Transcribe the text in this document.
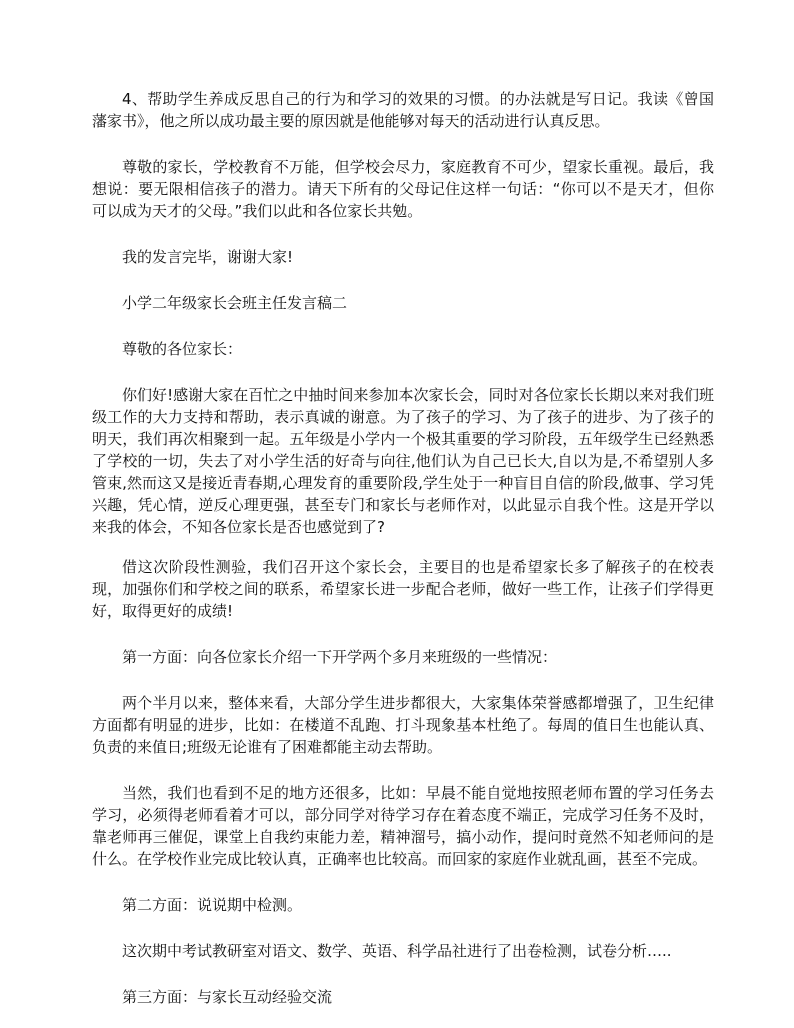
4、帮助学生养成反思自己的行为和学习的效果的习惯。的办法就是写日记。我读《曾国藩家书》，他之所以成功最主要的原因就是他能够对每天的活动进行认真反思。

尊敬的家长，学校教育不万能，但学校会尽力，家庭教育不可少，望家长重视。最后，我想说：要无限相信孩子的潜力。请天下所有的父母记住这样一句话：“你可以不是天才，但你可以成为天才的父母。”我们以此和各位家长共勉。

我的发言完毕，谢谢大家!

小学二年级家长会班主任发言稿二

尊敬的各位家长：

你们好!感谢大家在百忙之中抽时间来参加本次家长会，同时对各位家长长期以来对我们班级工作的大力支持和帮助，表示真诚的谢意。为了孩子的学习、为了孩子的进步、为了孩子的明天，我们再次相聚到一起。五年级是小学内一个极其重要的学习阶段，五年级学生已经熟悉了学校的一切，失去了对小学生活的好奇与向往,他们认为自己已长大,自以为是,不希望别人多管束,然而这又是接近青春期,心理发育的重要阶段,学生处于一种盲目自信的阶段,做事、学习凭兴趣，凭心情，逆反心理更强，甚至专门和家长与老师作对，以此显示自我个性。这是开学以来我的体会，不知各位家长是否也感觉到了?

借这次阶段性测验，我们召开这个家长会，主要目的也是希望家长多了解孩子的在校表现，加强你们和学校之间的联系，希望家长进一步配合老师，做好一些工作，让孩子们学得更好，取得更好的成绩!

第一方面：向各位家长介绍一下开学两个多月来班级的一些情况：

两个半月以来，整体来看，大部分学生进步都很大，大家集体荣誉感都增强了，卫生纪律方面都有明显的进步，比如：在楼道不乱跑、打斗现象基本杜绝了。每周的值日生也能认真、负责的来值日;班级无论谁有了困难都能主动去帮助。

当然，我们也看到不足的地方还很多，比如：早晨不能自觉地按照老师布置的学习任务去学习，必须得老师看着才可以，部分同学对待学习存在着态度不端正，完成学习任务不及时，靠老师再三催促，课堂上自我约束能力差，精神溜号，搞小动作，提问时竟然不知老师问的是什么。在学校作业完成比较认真，正确率也比较高。而回家的家庭作业就乱画，甚至不完成。

第二方面：说说期中检测。

这次期中考试教研室对语文、数学、英语、科学品社进行了出卷检测，试卷分析…..

第三方面：与家长互动经验交流
